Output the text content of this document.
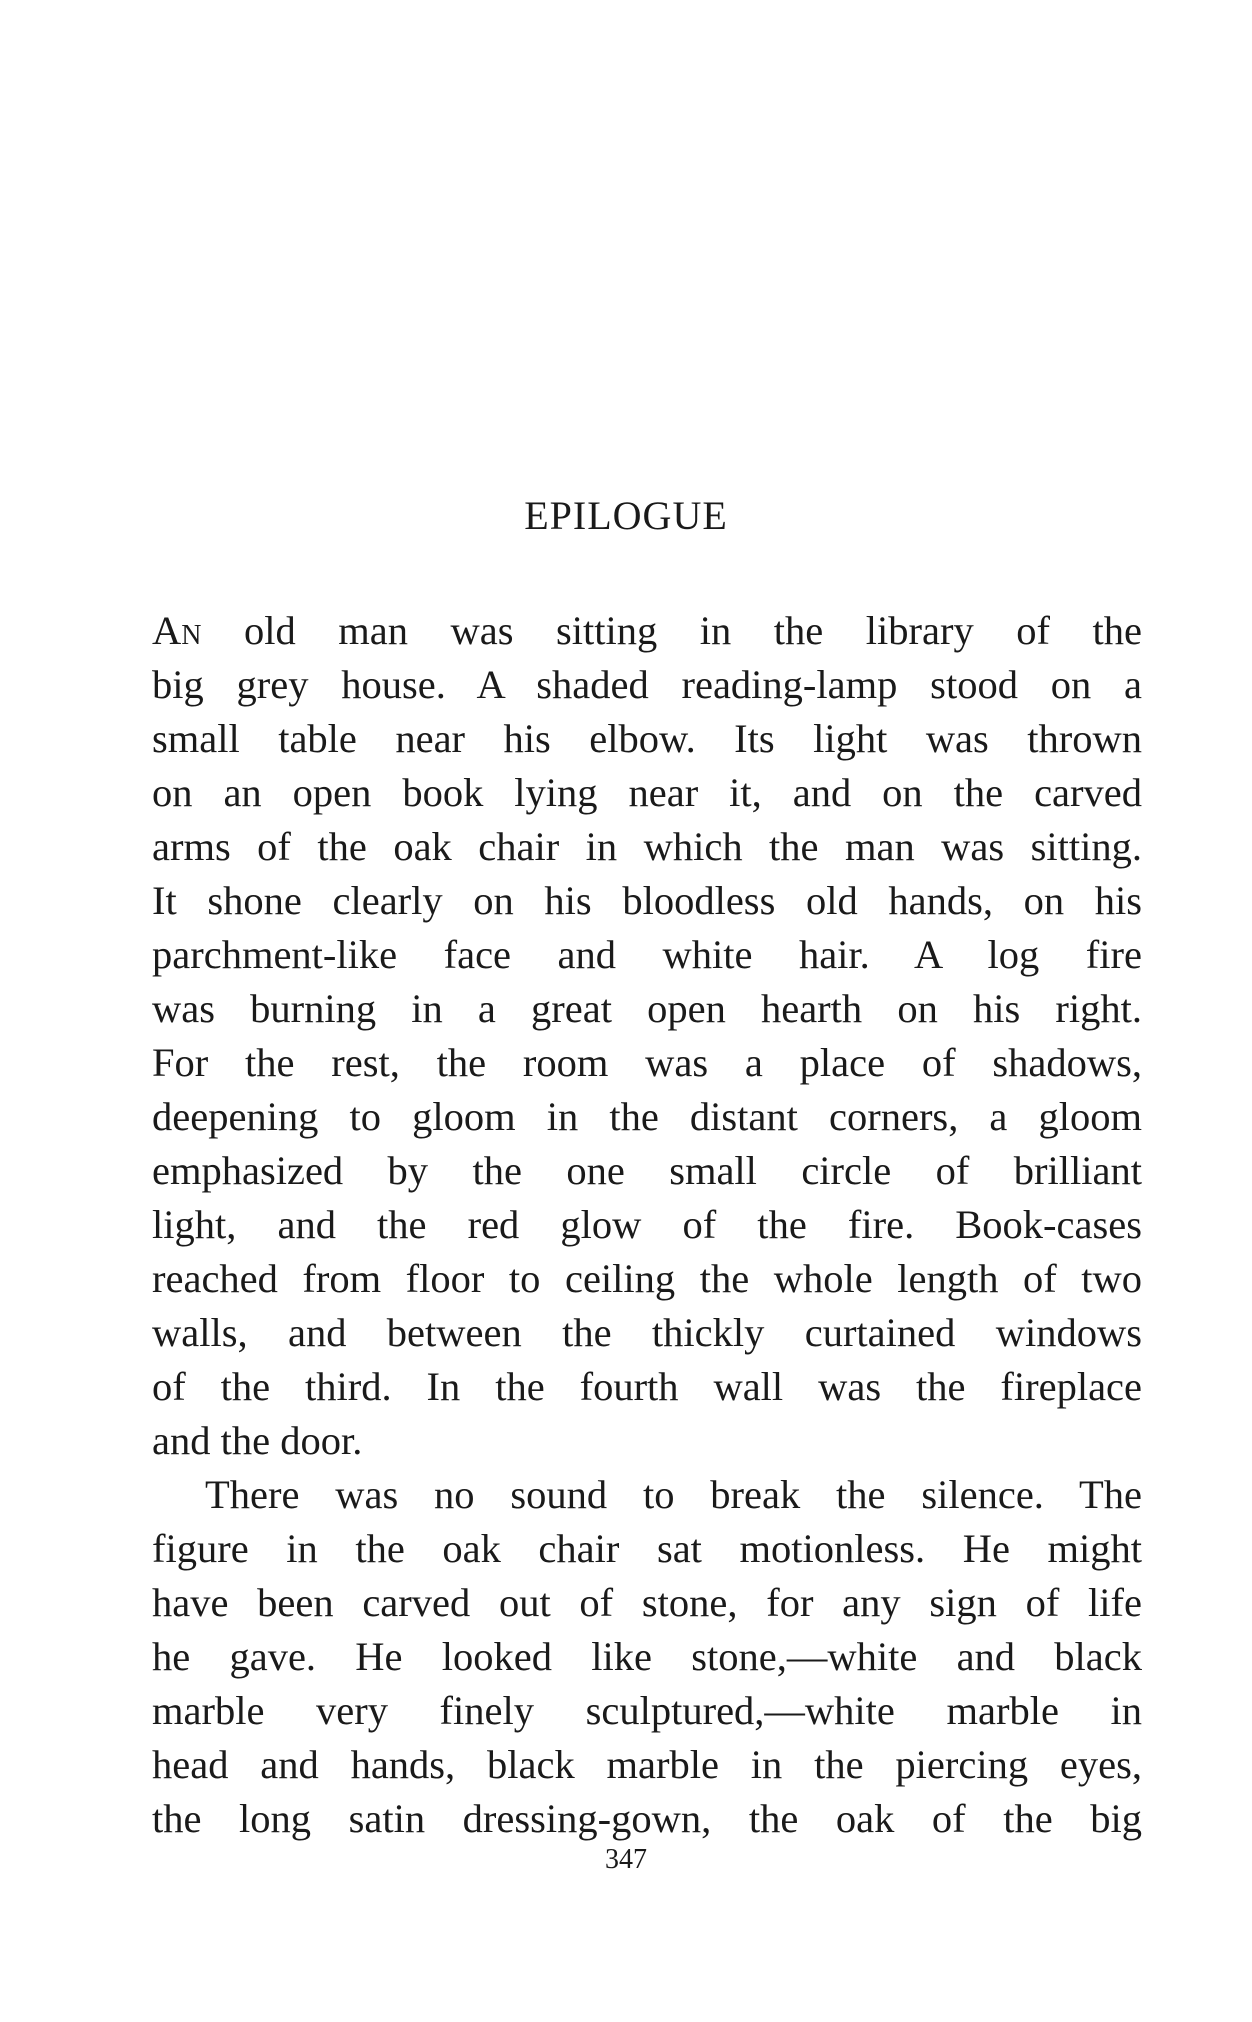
EPILOGUE
An old man was sitting in the library of the
big grey house. A shaded reading-lamp stood on a
small table near his elbow. Its light was thrown
on an open book lying near it, and on the carved
arms of the oak chair in which the man was sitting.
It shone clearly on his bloodless old hands, on his
parchment-like face and white hair. A log fire
was burning in a great open hearth on his right.
For the rest, the room was a place of shadows,
deepening to gloom in the distant corners, a gloom
emphasized by the one small circle of brilliant
light, and the red glow of the fire. Book-cases
reached from floor to ceiling the whole length of two
walls, and between the thickly curtained windows
of the third. In the fourth wall was the fireplace
and the door.
There was no sound to break the silence. The
figure in the oak chair sat motionless. He might
have been carved out of stone, for any sign of life
he gave. He looked like stone,—white and black
marble very finely sculptured,—white marble in
head and hands, black marble in the piercing eyes,
the long satin dressing-gown, the oak of the big
347
